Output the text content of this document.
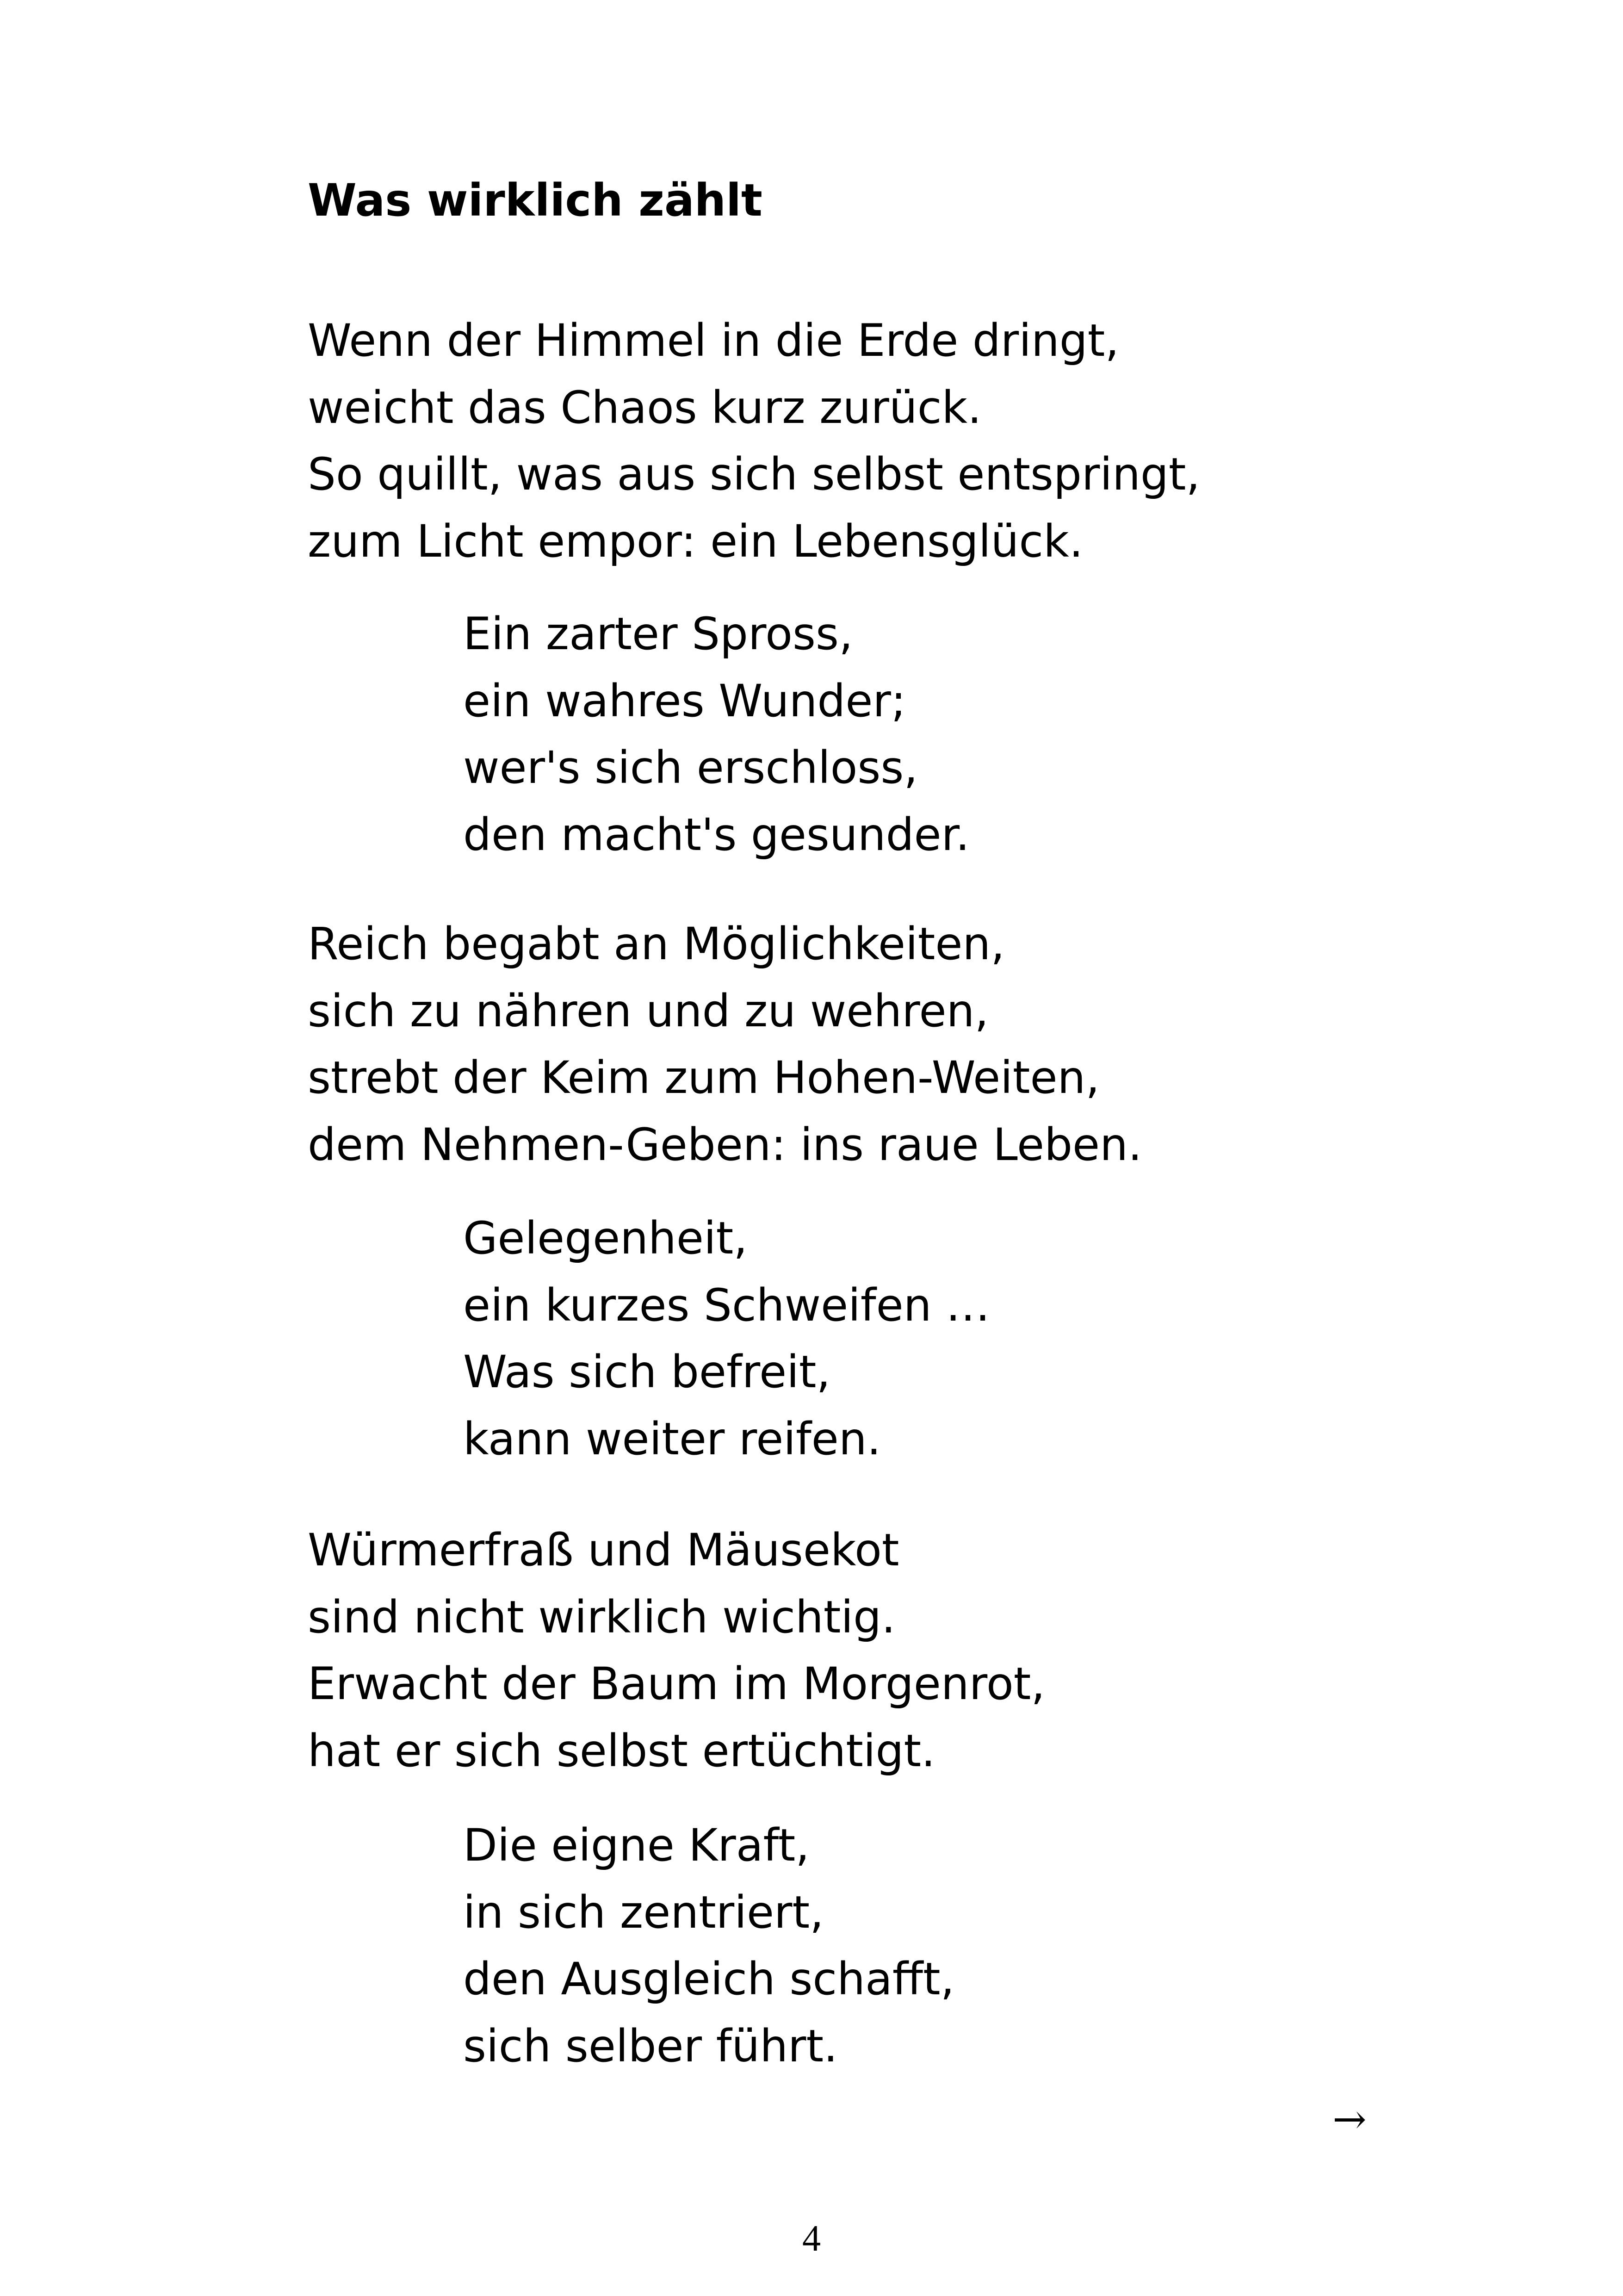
Was wirklich zählt
Wenn der Himmel in die Erde dringt,
weicht das Chaos kurz zurück.
So quillt, was aus sich selbst entspringt,
zum Licht empor: ein Lebensglück.
Ein zarter Spross,
ein wahres Wunder;
wer's sich erschloss,
den macht's gesunder.
Reich begabt an Möglichkeiten,
sich zu nähren und zu wehren,
strebt der Keim zum Hohen-Weiten,
dem Nehmen-Geben: ins raue Leben.
Gelegenheit,
ein kurzes Schweifen …
Was sich befreit,
kann weiter reifen.
Würmerfraß und Mäusekot
sind nicht wirklich wichtig.
Erwacht der Baum im Morgenrot,
hat er sich selbst ertüchtigt.
Die eigne Kraft,
in sich zentriert,
den Ausgleich schafft,
sich selber führt.
→
4
